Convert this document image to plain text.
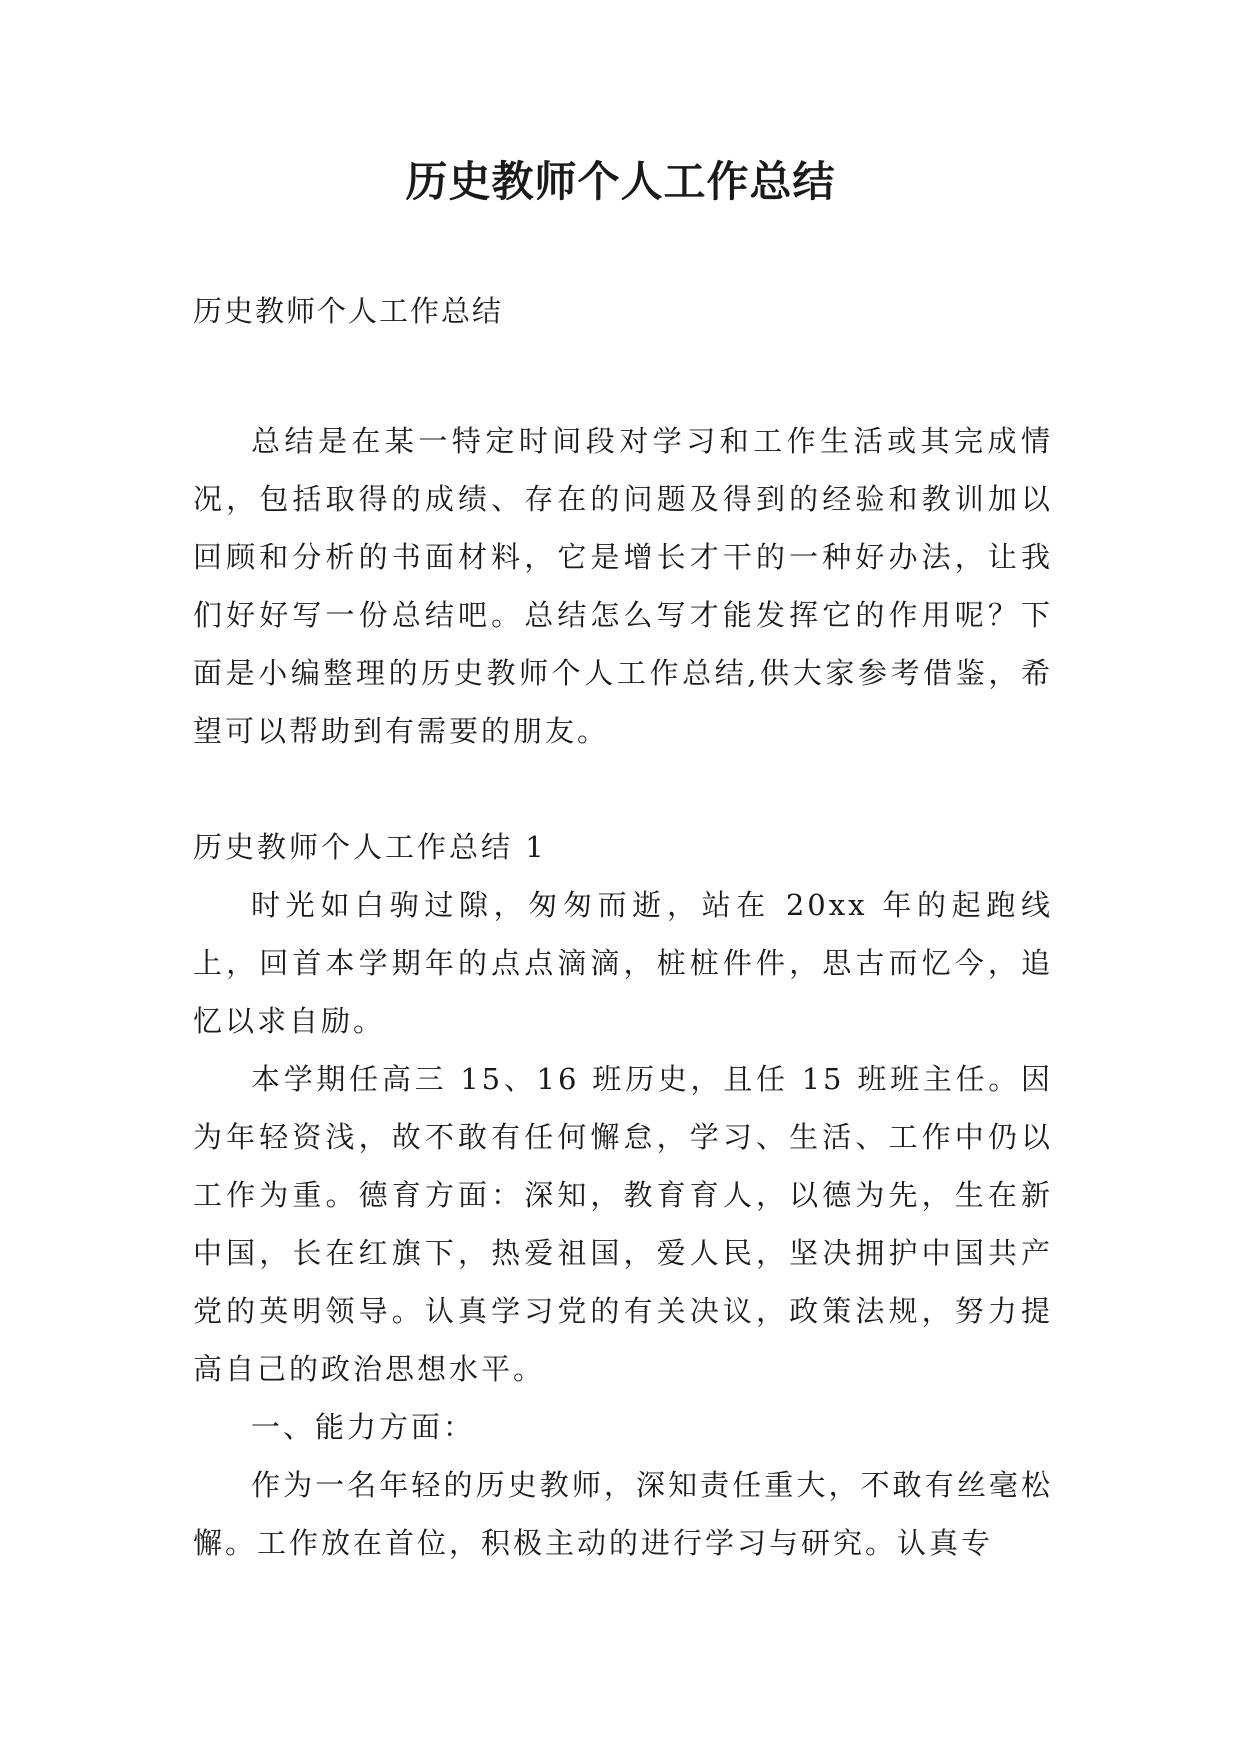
历史教师个人工作总结

历史教师个人工作总结

总结是在某一特定时间段对学习和工作生活或其完成情况，包括取得的成绩、存在的问题及得到的经验和教训加以回顾和分析的书面材料，它是增长才干的一种好办法，让我们好好写一份总结吧。总结怎么写才能发挥它的作用呢？下面是小编整理的历史教师个人工作总结,供大家参考借鉴，希望可以帮助到有需要的朋友。

历史教师个人工作总结 1

时光如白驹过隙，匆匆而逝，站在 20xx 年的起跑线上，回首本学期年的点点滴滴，桩桩件件，思古而忆今，追忆以求自励。

本学期任高三 15、16 班历史，且任 15 班班主任。因为年轻资浅，故不敢有任何懈怠，学习、生活、工作中仍以工作为重。德育方面：深知，教育育人，以德为先，生在新中国，长在红旗下，热爱祖国，爱人民，坚决拥护中国共产党的英明领导。认真学习党的有关决议，政策法规，努力提高自己的政治思想水平。

一、能力方面：

作为一名年轻的历史教师，深知责任重大，不敢有丝毫松懈。工作放在首位，积极主动的进行学习与研究。认真专
